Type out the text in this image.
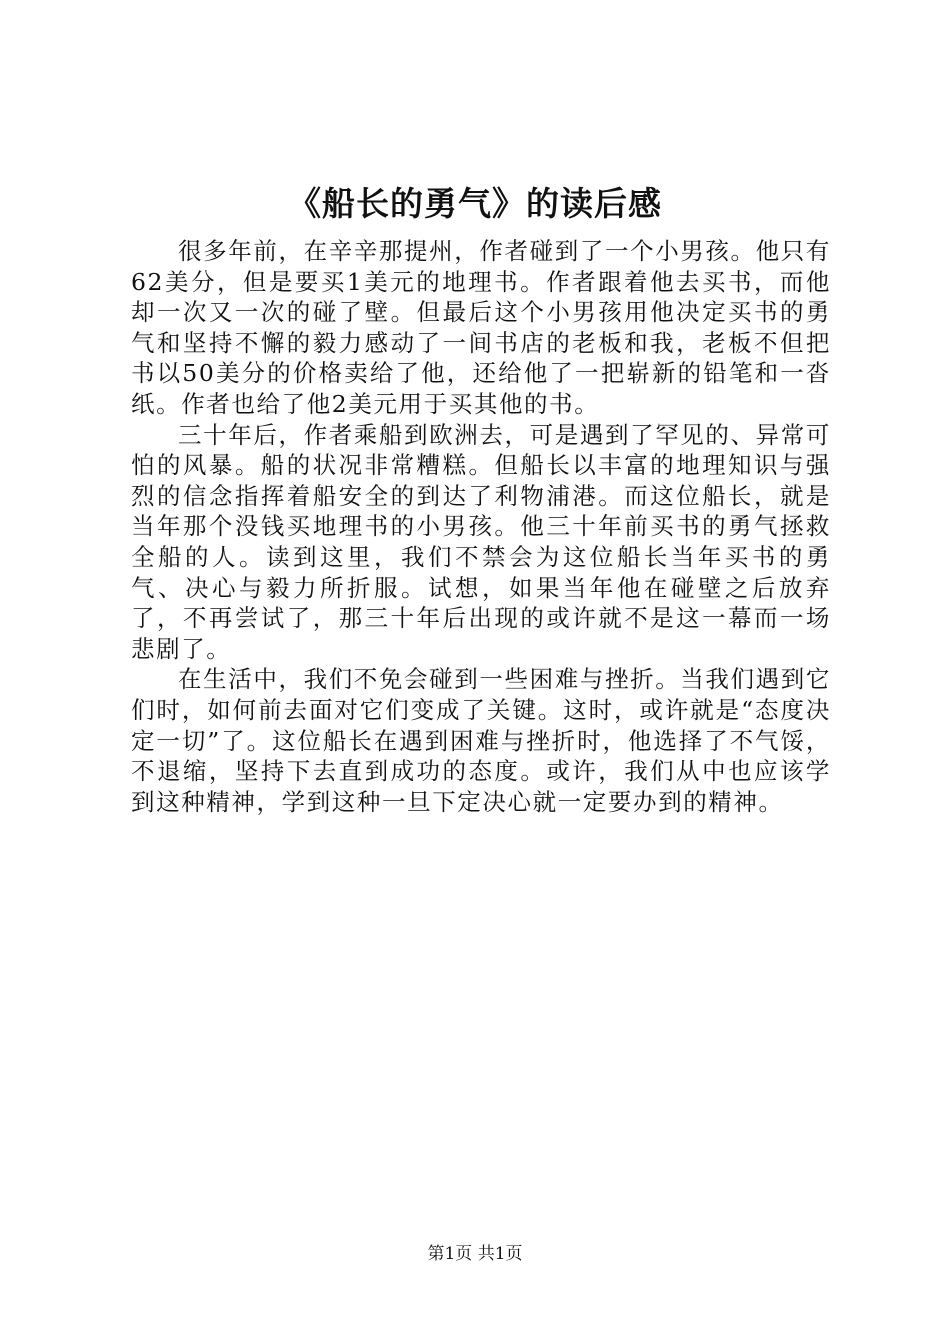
《船长的勇气》的读后感

很多年前，在辛辛那提州，作者碰到了一个小男孩。他只有62美分，但是要买1美元的地理书。作者跟着他去买书，而他却一次又一次的碰了壁。但最后这个小男孩用他决定买书的勇气和坚持不懈的毅力感动了一间书店的老板和我，老板不但把书以50美分的价格卖给了他，还给他了一把崭新的铅笔和一沓纸。作者也给了他2美元用于买其他的书。

三十年后，作者乘船到欧洲去，可是遇到了罕见的、异常可怕的风暴。船的状况非常糟糕。但船长以丰富的地理知识与强烈的信念指挥着船安全的到达了利物浦港。而这位船长，就是当年那个没钱买地理书的小男孩。他三十年前买书的勇气拯救全船的人。读到这里，我们不禁会为这位船长当年买书的勇气、决心与毅力所折服。试想，如果当年他在碰壁之后放弃了，不再尝试了，那三十年后出现的或许就不是这一幕而一场悲剧了。

在生活中，我们不免会碰到一些困难与挫折。当我们遇到它们时，如何前去面对它们变成了关键。这时，或许就是“态度决定一切”了。这位船长在遇到困难与挫折时，他选择了不气馁，不退缩，坚持下去直到成功的态度。或许，我们从中也应该学到这种精神，学到这种一旦下定决心就一定要办到的精神。

第1页 共1页
